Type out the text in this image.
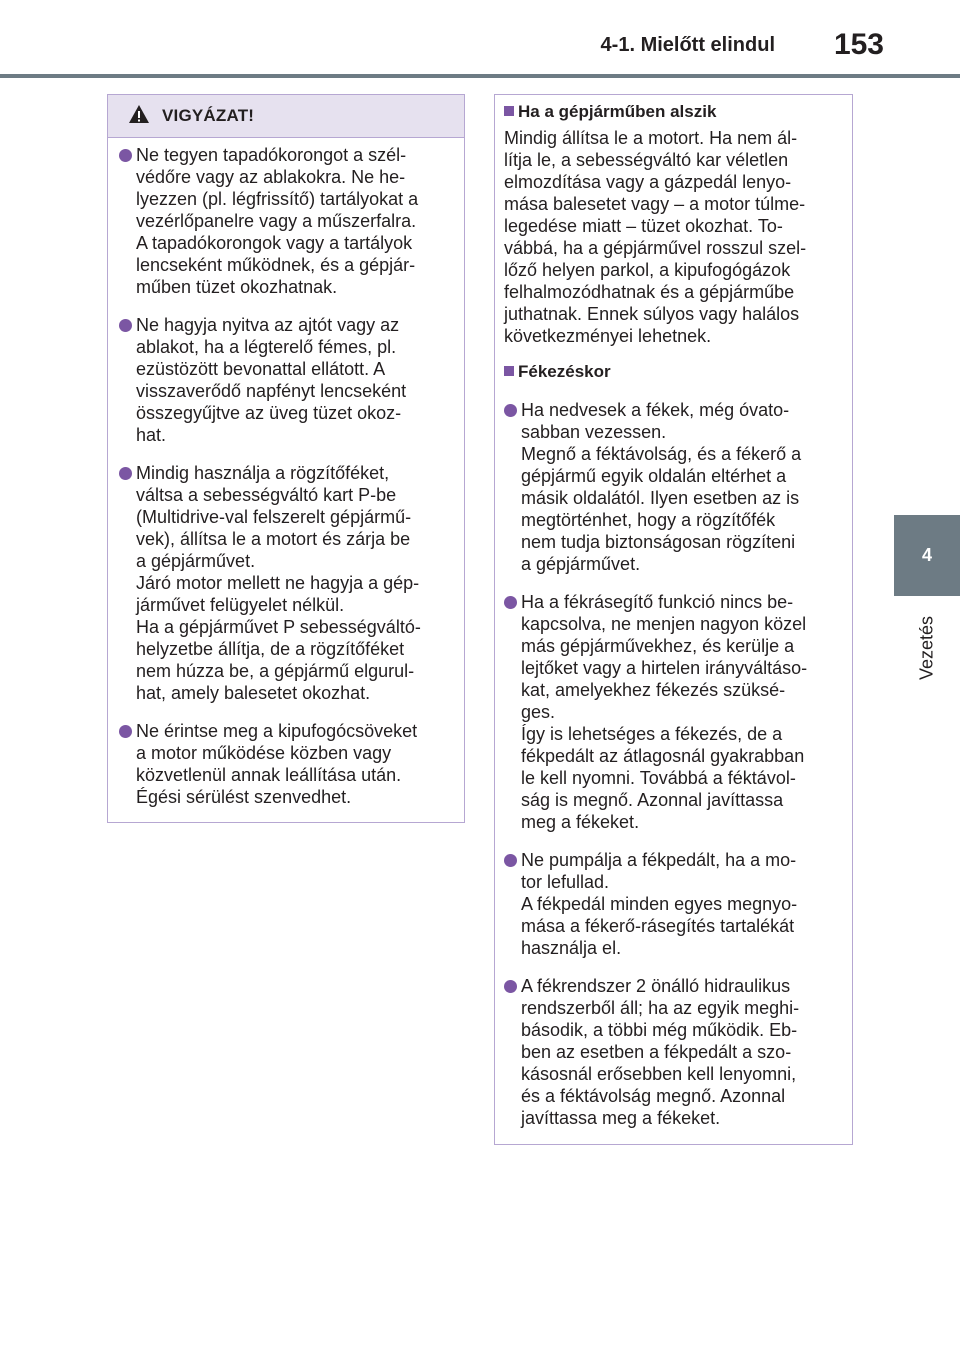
4-1. Mielőtt elindul 153
4
Vezetés
VIGYÁZAT!
Ne tegyen tapadókorongot a szél-
védőre vagy az ablakokra. Ne he-
lyezzen (pl. légfrissítő) tartályokat a
vezérlőpanelre vagy a műszerfalra.
A tapadókorongok vagy a tartályok
lencseként működnek, és a gépjár-
műben tüzet okozhatnak.
Ne hagyja nyitva az ajtót vagy az
ablakot, ha a légterelő fémes, pl.
ezüstözött bevonattal ellátott. A
visszaverődő napfényt lencseként
összegyűjtve az üveg tüzet okoz-
hat.
Mindig használja a rögzítőféket,
váltsa a sebességváltó kart P-be
(Multidrive-val felszerelt gépjármű-
vek), állítsa le a motort és zárja be
a gépjárművet.
Járó motor mellett ne hagyja a gép-
járművet felügyelet nélkül.
Ha a gépjárművet P sebességváltó-
helyzetbe állítja, de a rögzítőféket
nem húzza be, a gépjármű elgurul-
hat, amely balesetet okozhat.
Ne érintse meg a kipufogócsöveket
a motor működése közben vagy
közvetlenül annak leállítása után.
Égési sérülést szenvedhet.
Ha a gépjárműben alszik
Mindig állítsa le a motort. Ha nem ál-
lítja le, a sebességváltó kar véletlen
elmozdítása vagy a gázpedál lenyo-
mása balesetet vagy – a motor túlme-
legedése miatt – tüzet okozhat. To-
vábbá, ha a gépjárművel rosszul szel-
lőző helyen parkol, a kipufogógázok
felhalmozódhatnak és a gépjárműbe
juthatnak. Ennek súlyos vagy halálos
következményei lehetnek.
Fékezéskor
Ha nedvesek a fékek, még óvato-
sabban vezessen.
Megnő a féktávolság, és a fékerő a
gépjármű egyik oldalán eltérhet a
másik oldalától. Ilyen esetben az is
megtörténhet, hogy a rögzítőfék
nem tudja biztonságosan rögzíteni
a gépjárművet.
Ha a fékrásegítő funkció nincs be-
kapcsolva, ne menjen nagyon közel
más gépjárművekhez, és kerülje a
lejtőket vagy a hirtelen irányváltáso-
kat, amelyekhez fékezés szüksé-
ges.
Így is lehetséges a fékezés, de a
fékpedált az átlagosnál gyakrabban
le kell nyomni. Továbbá a féktávol-
ság is megnő. Azonnal javíttassa
meg a fékeket.
Ne pumpálja a fékpedált, ha a mo-
tor lefullad.
A fékpedál minden egyes megnyo-
mása a fékerő-rásegítés tartalékát
használja el.
A fékrendszer 2 önálló hidraulikus
rendszerből áll; ha az egyik meghi-
básodik, a többi még működik. Eb-
ben az esetben a fékpedált a szo-
kásosnál erősebben kell lenyomni,
és a féktávolság megnő. Azonnal
javíttassa meg a fékeket.
